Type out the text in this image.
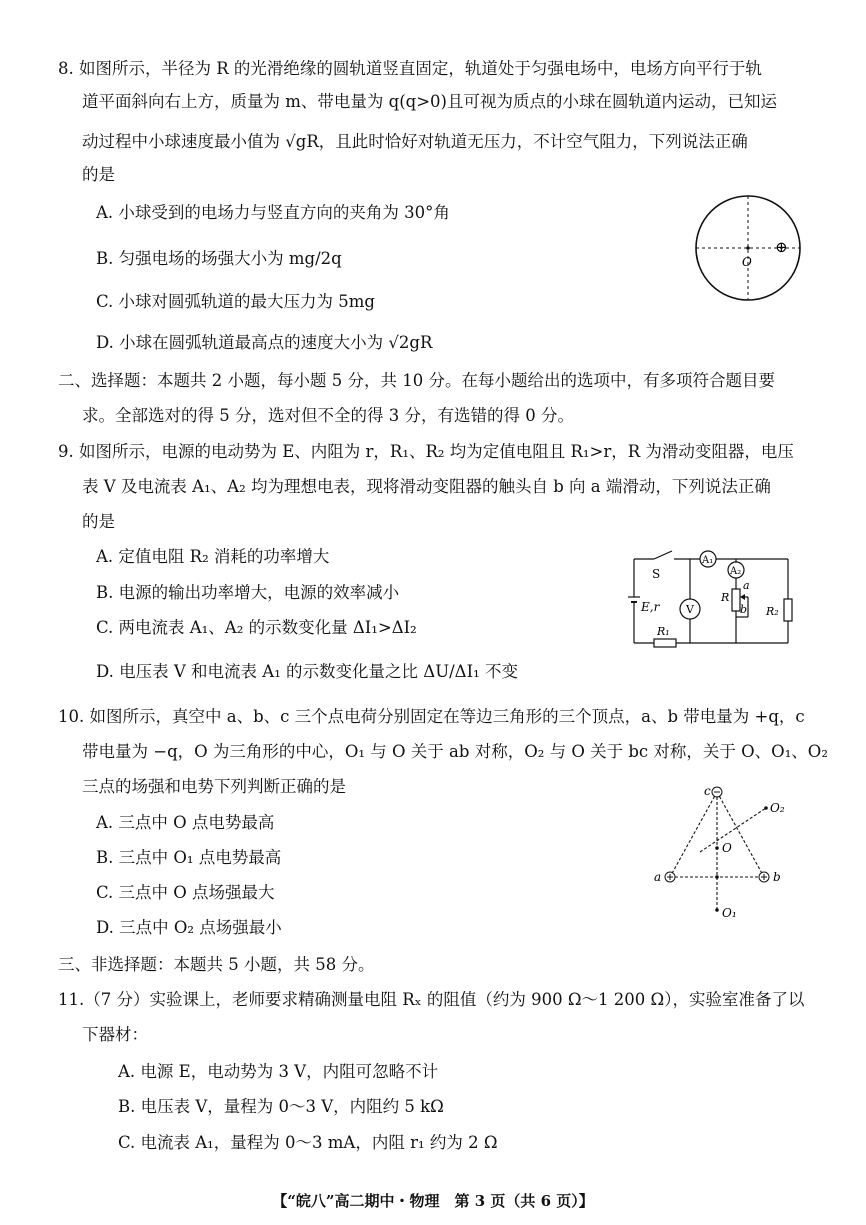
8. 如图所示，半径为 R 的光滑绝缘的圆轨道竖直固定，轨道处于匀强电场中，电场方向平行于轨
道平面斜向右上方，质量为 m、带电量为 q(q>0)且可视为质点的小球在圆轨道内运动，已知运
动过程中小球速度最小值为 √gR，且此时恰好对轨道无压力，不计空气阻力，下列说法正确
的是
A. 小球受到的电场力与竖直方向的夹角为 30°角
B. 匀强电场的场强大小为 mg/2q
C. 小球对圆弧轨道的最大压力为 5mg
D. 小球在圆弧轨道最高点的速度大小为 √2gR
O
⊕
二、选择题：本题共 2 小题，每小题 5 分，共 10 分。在每小题给出的选项中，有多项符合题目要
求。全部选对的得 5 分，选对但不全的得 3 分，有选错的得 0 分。
9. 如图所示，电源的电动势为 E、内阻为 r，R₁、R₂ 均为定值电阻且 R₁>r，R 为滑动变阻器，电压
表 V 及电流表 A₁、A₂ 均为理想电表，现将滑动变阻器的触头自 b 向 a 端滑动，下列说法正确
的是
A. 定值电阻 R₂ 消耗的功率增大
B. 电源的输出功率增大，电源的效率减小
C. 两电流表 A₁、A₂ 的示数变化量 ΔI₁>ΔI₂
D. 电压表 V 和电流表 A₁ 的示数变化量之比 ΔU/ΔI₁ 不变
S
E,r V
A₁
A₂
R
a
b
R₁
R₂
10. 如图所示，真空中 a、b、c 三个点电荷分别固定在等边三角形的三个顶点，a、b 带电量为 +q，c
带电量为 −q，O 为三角形的中心，O₁ 与 O 关于 ab 对称，O₂ 与 O 关于 bc 对称，关于 O、O₁、O₂
三点的场强和电势下列判断正确的是
A. 三点中 O 点电势最高
B. 三点中 O₁ 点电势最高
C. 三点中 O 点场强最大
D. 三点中 O₂ 点场强最小
c
a	b
O
O₁
O₂
三、非选择题：本题共 5 小题，共 58 分。
11.（7 分）实验课上，老师要求精确测量电阻 Rₓ 的阻值（约为 900 Ω～1 200 Ω），实验室准备了以
下器材：
A. 电源 E，电动势为 3 V，内阻可忽略不计
B. 电压表 V，量程为 0～3 V，内阻约 5 kΩ
C. 电流表 A₁，量程为 0～3 mA，内阻 r₁ 约为 2 Ω
【“皖八”高二期中・物理　第 3 页（共 6 页）】
